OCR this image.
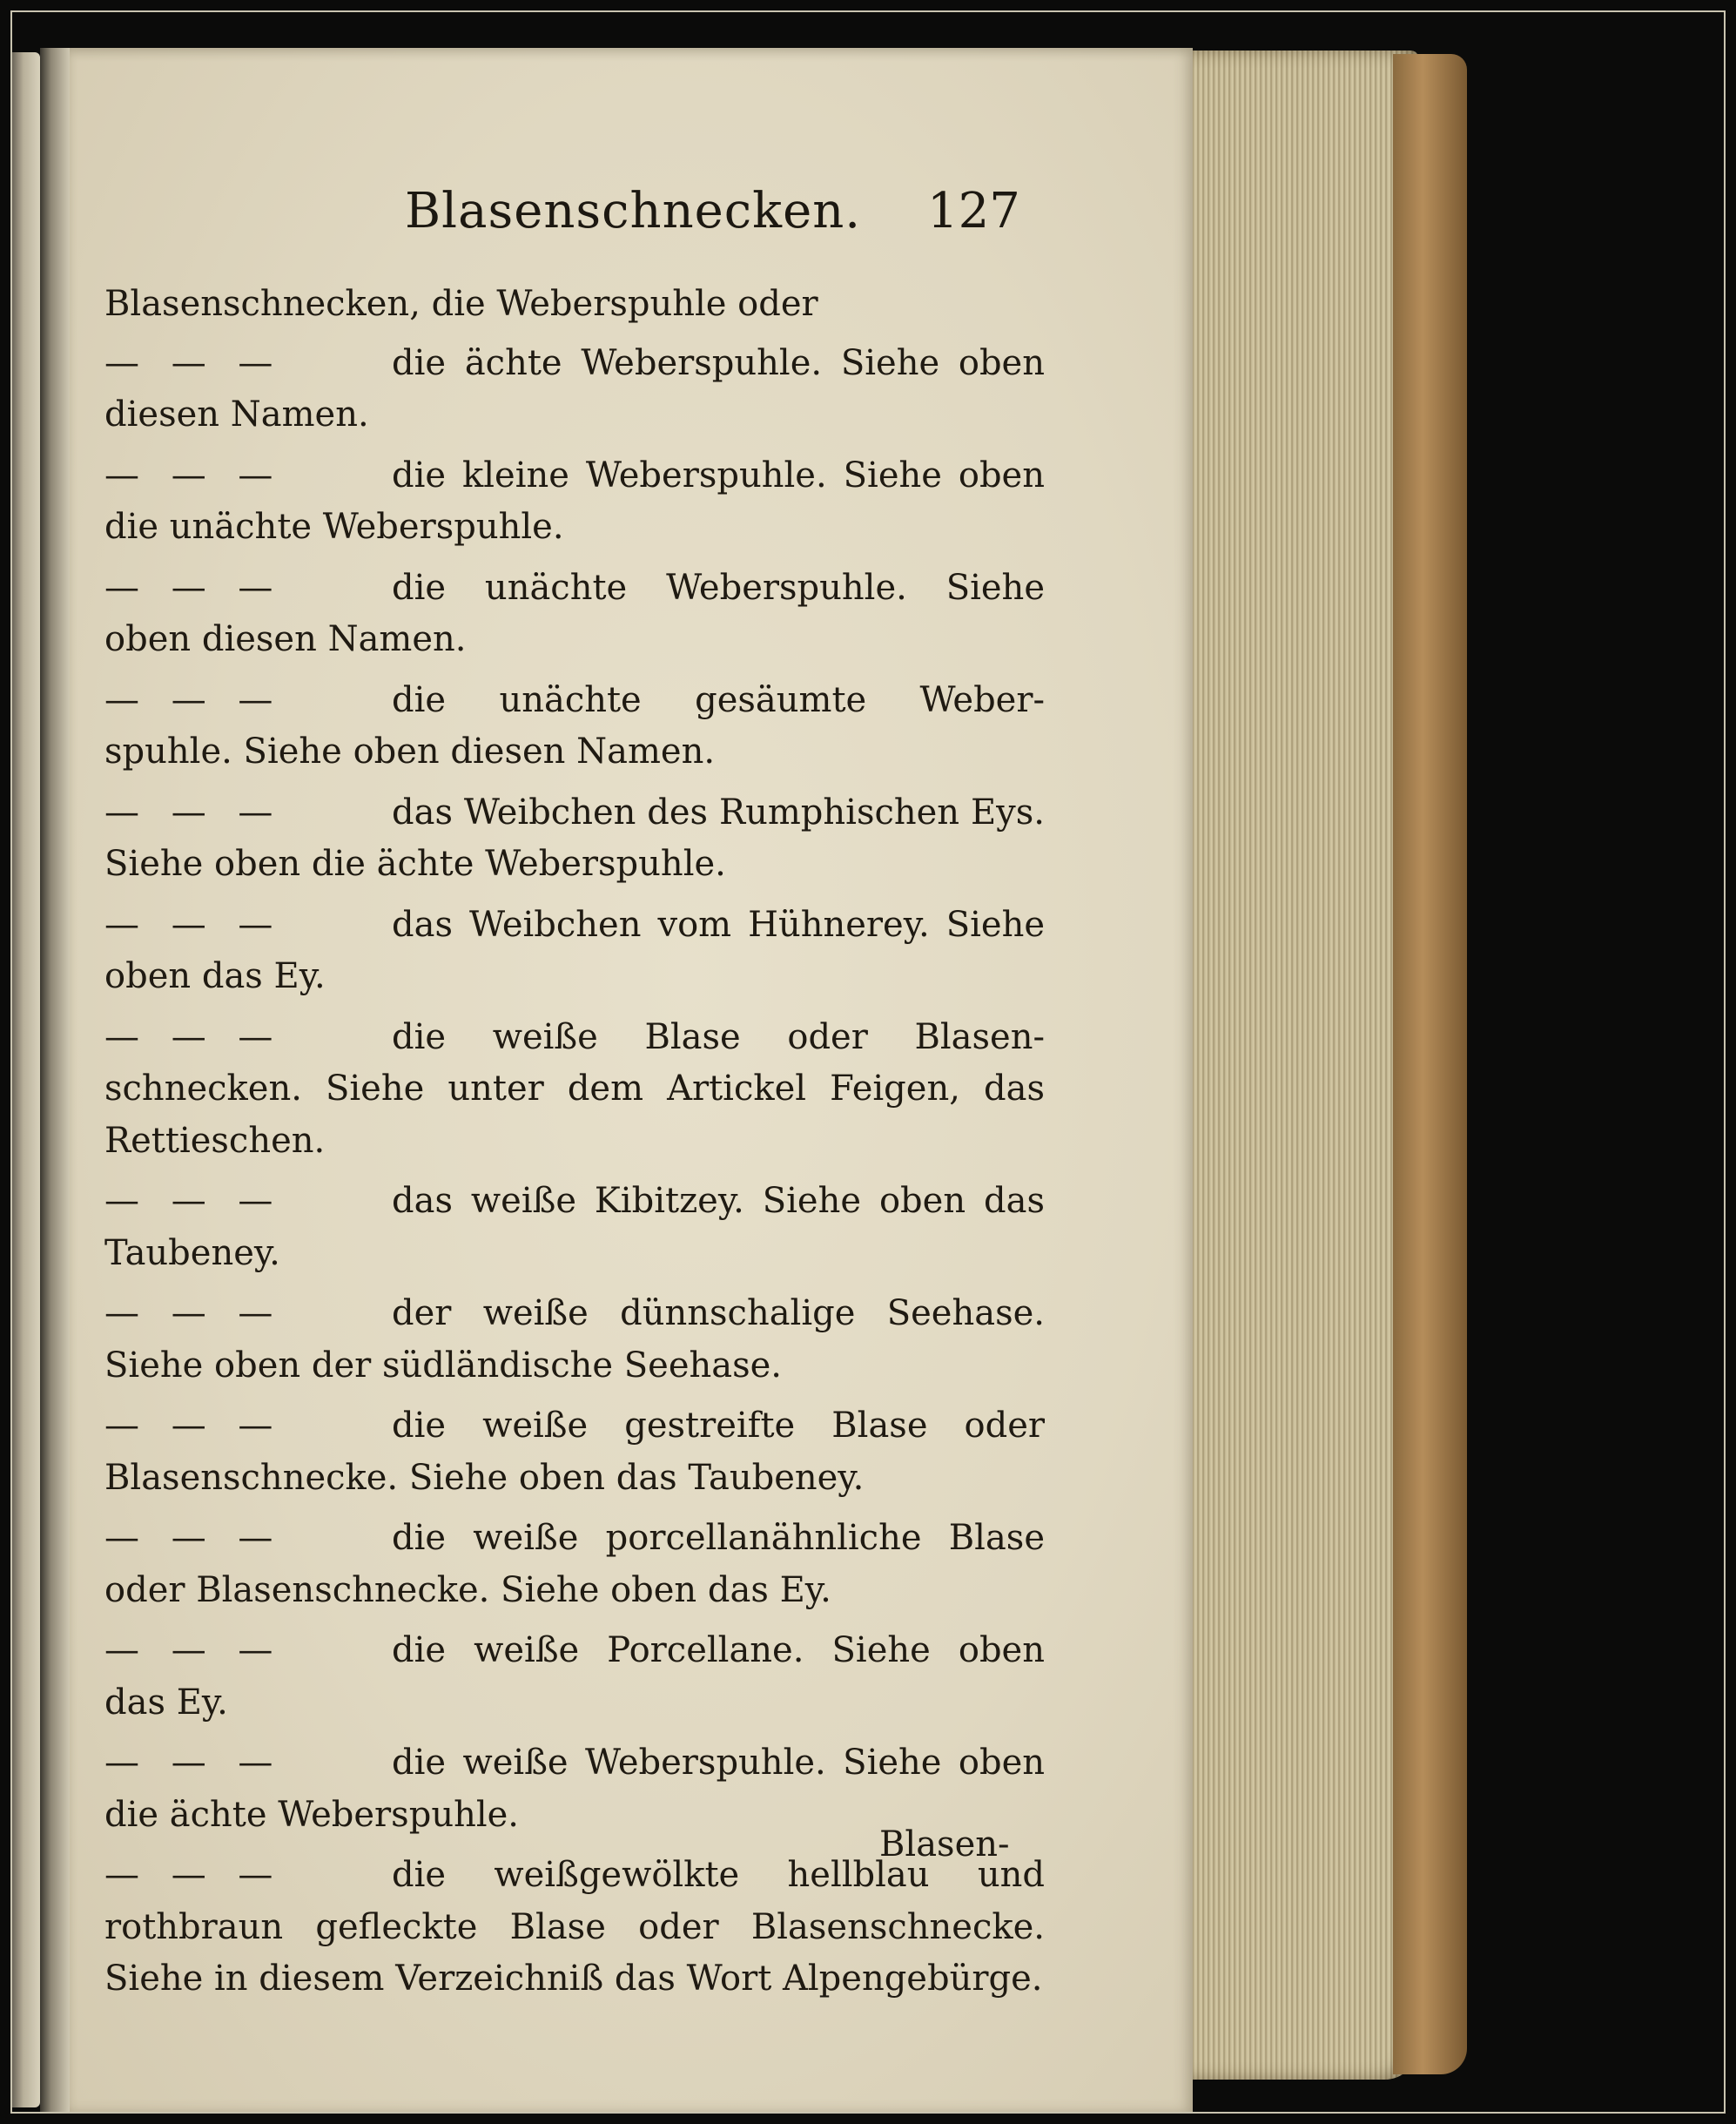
Blasenschnecken. 127
Blasenschnecken, die Weberspuhle oder
— — —	die ächte Weberspuhle. Siehe oben diesen Namen.
— — —	die kleine Weberspuhle. Siehe oben die unächte Weberspuhle.
— — —	die unächte Weberspuhle. Siehe oben diesen Namen.
— — —	die unächte gesäumte Weber-spuhle. Siehe oben diesen Namen.
— — —	das Weibchen des Rumphischen Eys. Siehe oben die ächte Weberspuhle.
— — —	das Weibchen vom Hühnerey. Siehe oben das Ey.
— — —	die weiße Blase oder Blasen-schnecken. Siehe unter dem Artickel Feigen, das Rettieschen.
— — —	das weiße Kibitzey. Siehe oben das Taubeney.
— — —	der weiße dünnschalige Seehase. Siehe oben der südländische Seehase.
— — —	die weiße gestreifte Blase oder Blasenschnecke. Siehe oben das Taubeney.
— — —	die weiße porcellanähnliche Blase oder Blasenschnecke. Siehe oben das Ey.
— — —	die weiße Porcellane. Siehe oben das Ey.
— — —	die weiße Weberspuhle. Siehe oben die ächte Weberspuhle.
— — —	die weißgewölkte hellblau und rothbraun gefleckte Blase oder Blasenschnecke. Siehe in diesem Verzeichniß das Wort Alpengebürge.
Blasen-
